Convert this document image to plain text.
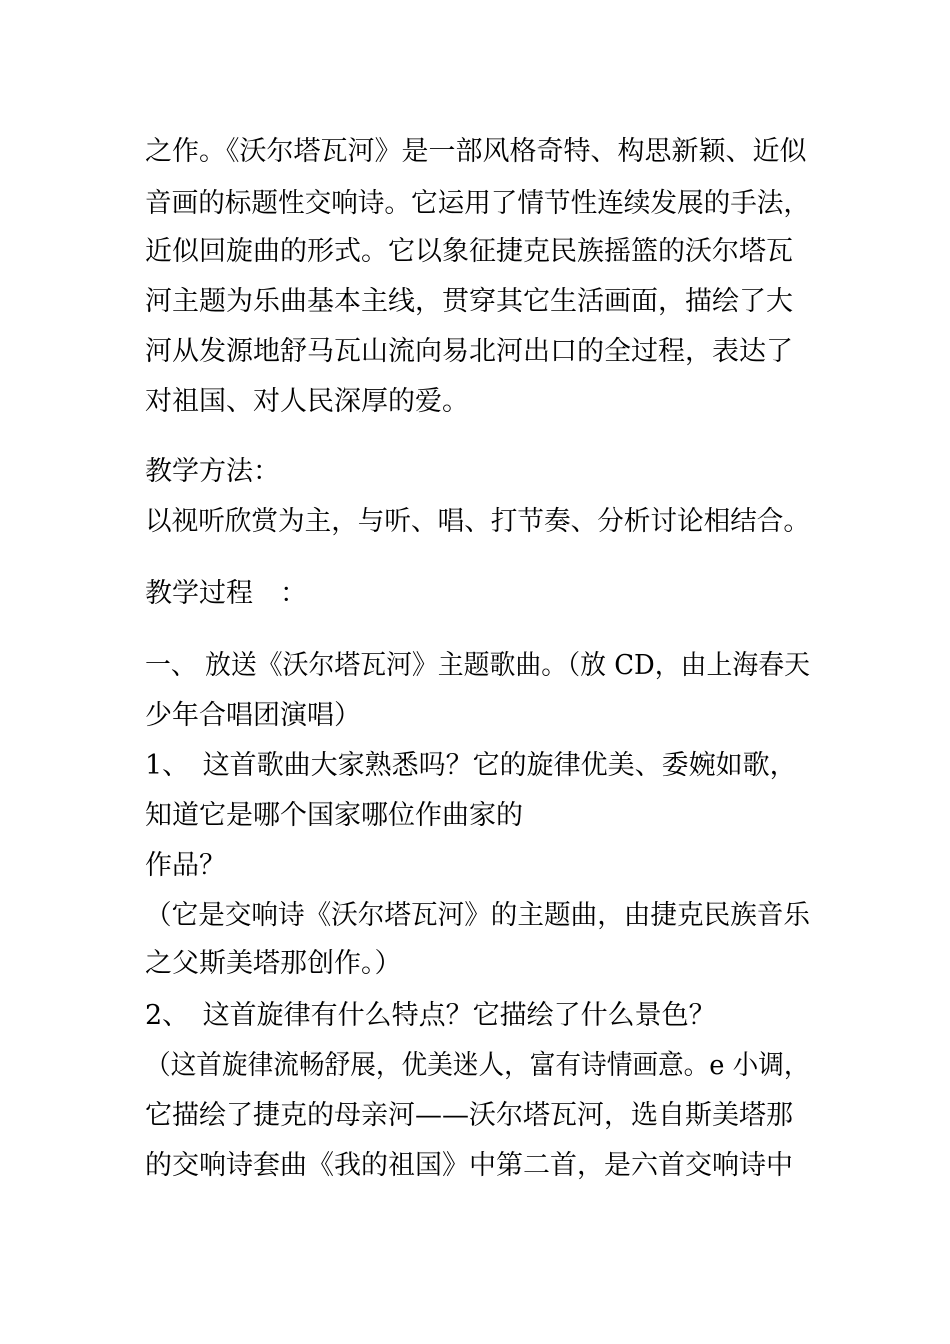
之作。《沃尔塔瓦河》是一部风格奇特、构思新颖、近似
音画的标题性交响诗。它运用了情节性连续发展的手法，
近似回旋曲的形式。它以象征捷克民族摇篮的沃尔塔瓦
河主题为乐曲基本主线，贯穿其它生活画面，描绘了大
河从发源地舒马瓦山流向易北河出口的全过程，表达了
对祖国、对人民深厚的爱。
教学方法：
以视听欣赏为主，与听、唱、打节奏、分析讨论相结合。
教学过程　：
一、 放送《沃尔塔瓦河》主题歌曲。（放 CD，由上海春天
少年合唱团演唱）
1、　这首歌曲大家熟悉吗？它的旋律优美、委婉如歌，
知道它是哪个国家哪位作曲家的
作品？
（它是交响诗《沃尔塔瓦河》的主题曲，由捷克民族音乐
之父斯美塔那创作。）
2、　这首旋律有什么特点？它描绘了什么景色？
（这首旋律流畅舒展，优美迷人，富有诗情画意。e 小调，
它描绘了捷克的母亲河——沃尔塔瓦河，选自斯美塔那
的交响诗套曲《我的祖国》中第二首，是六首交响诗中
